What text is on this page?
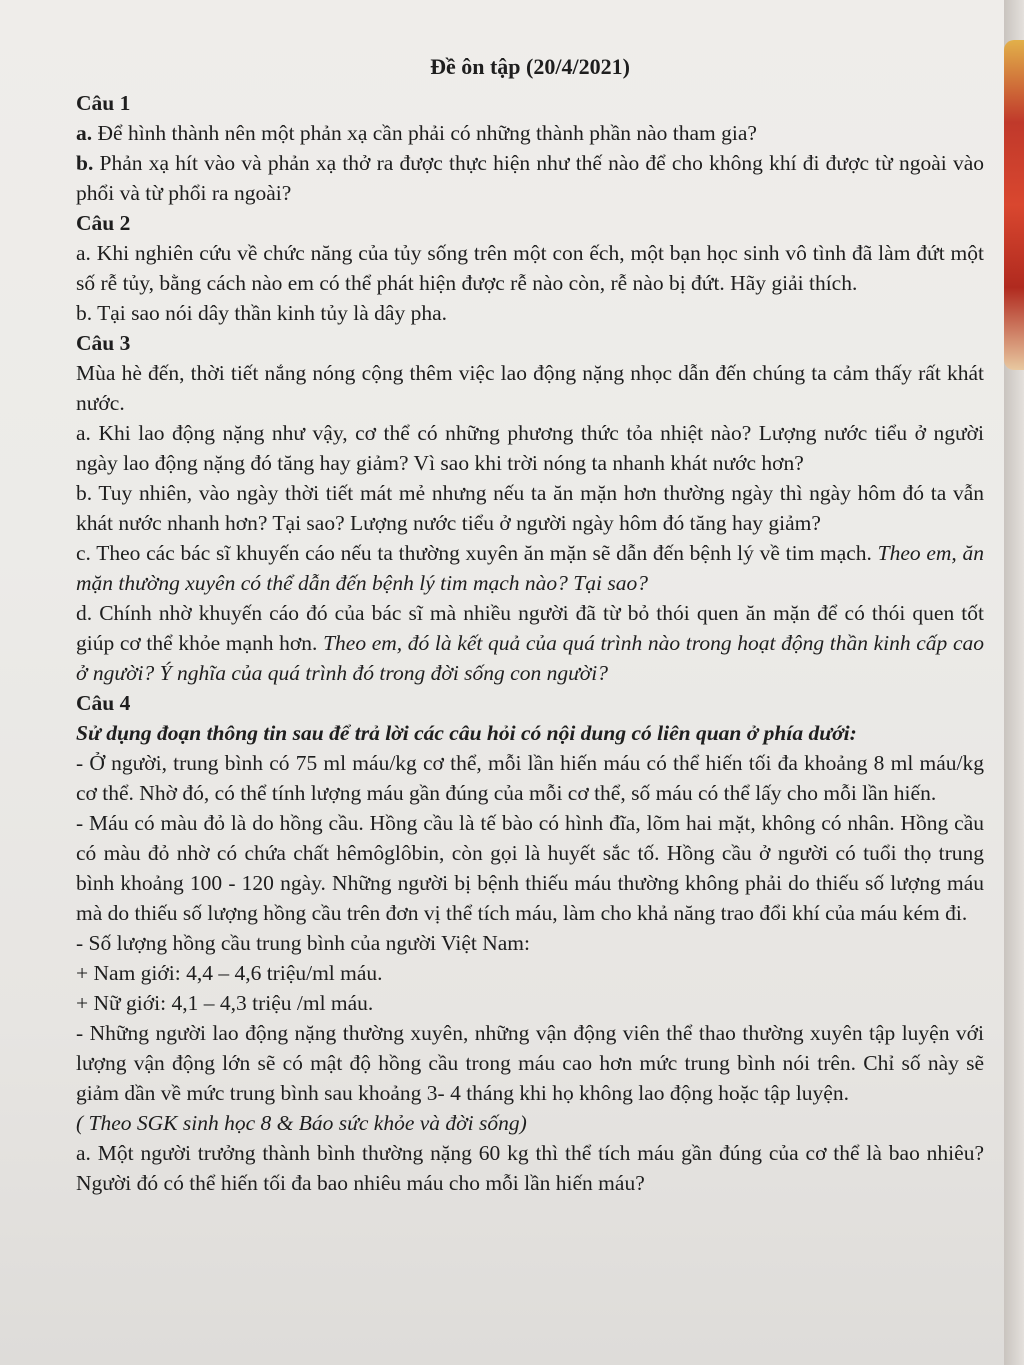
Đề ôn tập (20/4/2021)
Câu 1

a. Để hình thành nên một phản xạ cần phải có những thành phần nào tham gia?

b. Phản xạ hít vào và phản xạ thở ra được thực hiện như thế nào để cho không khí đi được từ ngoài vào phổi và từ phổi ra ngoài?

Câu 2

a. Khi nghiên cứu về chức năng của tủy sống trên một con ếch, một bạn học sinh vô tình đã làm đứt một số rễ tủy, bằng cách nào em có thể phát hiện được rễ nào còn, rễ nào bị đứt. Hãy giải thích.

b. Tại sao nói dây thần kinh tủy là dây pha.

Câu 3

Mùa hè đến, thời tiết nắng nóng cộng thêm việc lao động nặng nhọc dẫn đến chúng ta cảm thấy rất khát nước.

a. Khi lao động nặng như vậy, cơ thể có những phương thức tỏa nhiệt nào? Lượng nước tiểu ở người ngày lao động nặng đó tăng hay giảm? Vì sao khi trời nóng ta nhanh khát nước hơn?

b. Tuy nhiên, vào ngày thời tiết mát mẻ nhưng nếu ta ăn mặn hơn thường ngày thì ngày hôm đó ta vẫn khát nước nhanh hơn? Tại sao? Lượng nước tiểu ở người ngày hôm đó tăng hay giảm?

c. Theo các bác sĩ khuyến cáo nếu ta thường xuyên ăn mặn sẽ dẫn đến bệnh lý về tim mạch. Theo em, ăn mặn thường xuyên có thể dẫn đến bệnh lý tim mạch nào? Tại sao?

d. Chính nhờ khuyến cáo đó của bác sĩ mà nhiều người đã từ bỏ thói quen ăn mặn để có thói quen tốt giúp cơ thể khỏe mạnh hơn. Theo em, đó là kết quả của quá trình nào trong hoạt động thần kinh cấp cao ở người? Ý nghĩa của quá trình đó trong đời sống con người?

Câu 4

Sử dụng đoạn thông tin sau để trả lời các câu hỏi có nội dung có liên quan ở phía dưới:

- Ở người, trung bình có 75 ml máu/kg cơ thể, mỗi lần hiến máu có thể hiến tối đa khoảng 8 ml máu/kg cơ thể. Nhờ đó, có thể tính lượng máu gần đúng của mỗi cơ thể, số máu có thể lấy cho mỗi lần hiến.

- Máu có màu đỏ là do hồng cầu. Hồng cầu là tế bào có hình đĩa, lõm hai mặt, không có nhân. Hồng cầu có màu đỏ nhờ có chứa chất hêmôglôbin, còn gọi là huyết sắc tố. Hồng cầu ở người có tuổi thọ trung bình khoảng 100 - 120 ngày. Những người bị bệnh thiếu máu thường không phải do thiếu số lượng máu mà do thiếu số lượng hồng cầu trên đơn vị thể tích máu, làm cho khả năng trao đổi khí của máu kém đi.

- Số lượng hồng cầu trung bình của người Việt Nam:

+ Nam giới: 4,4 – 4,6 triệu/ml máu.

+ Nữ giới: 4,1 – 4,3 triệu /ml máu.

- Những người lao động nặng thường xuyên, những vận động viên thể thao thường xuyên tập luyện với lượng vận động lớn sẽ có mật độ hồng cầu trong máu cao hơn mức trung bình nói trên. Chỉ số này sẽ giảm dần về mức trung bình sau khoảng 3- 4 tháng khi họ không lao động hoặc tập luyện.

( Theo SGK sinh học 8 & Báo sức khỏe và đời sống)

a. Một người trưởng thành bình thường nặng 60 kg thì thể tích máu gần đúng của cơ thể là bao nhiêu? Người đó có thể hiến tối đa bao nhiêu máu cho mỗi lần hiến máu?
